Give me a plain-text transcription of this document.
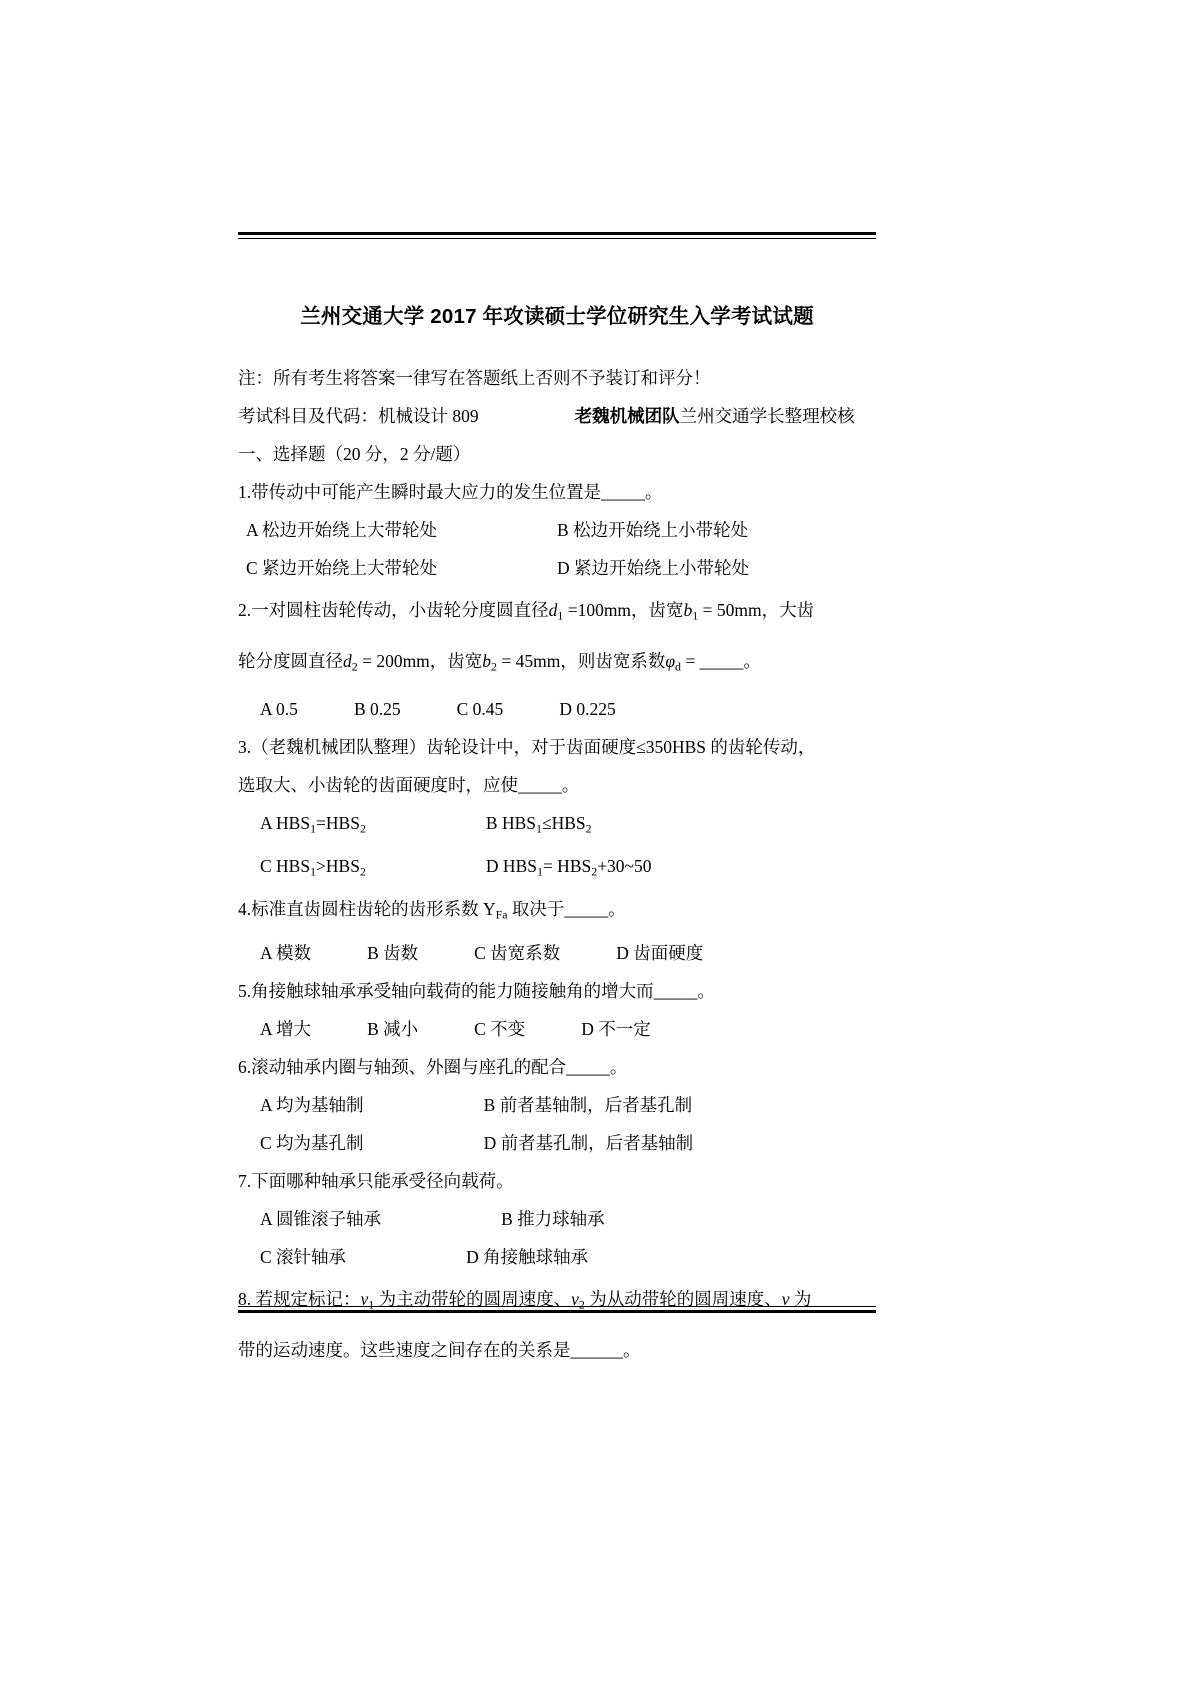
兰州交通大学 2017 年攻读硕士学位研究生入学考试试题
注：所有考生将答案一律写在答题纸上否则不予装订和评分！
考试科目及代码：机械设计 809	老魏机械团队兰州交通学长整理校核
一、选择题（20 分，2 分/题）
1.带传动中可能产生瞬时最大应力的发生位置是_____。
A 松边开始绕上大带轮处	B 松边开始绕上小带轮处
C 紧边开始绕上大带轮处	D 紧边开始绕上小带轮处
2.一对圆柱齿轮传动，小齿轮分度圆直径$d_1 =100mm$，齿宽$b_1 = 50mm$，大齿
轮分度圆直径$d_2 = 200mm$，齿宽$b_2 = 45mm$，则齿宽系数$\varphi_d$ = _____。
A 0.5	B 0.25	C 0.45	D 0.225
3.（老魏机械团队整理）齿轮设计中，对于齿面硬度≤350HBS 的齿轮传动，
选取大、小齿轮的齿面硬度时，应使_____。
A $HBS_1=HBS_2$	B $HBS_1\le HBS_2$
C $HBS_1>HBS_2$	D $HBS_1=$ $HBS_2+30\sim 50$
4.标准直齿圆柱齿轮的齿形系数 $Y_{Fa}$ 取决于_____。
A 模数	B 齿数	C 齿宽系数	D 齿面硬度
5.角接触球轴承承受轴向载荷的能力随接触角的增大而_____。
A 增大	B 减小	C 不变	D 不一定
6.滚动轴承内圈与轴颈、外圈与座孔的配合_____。
A 均为基轴制	B 前者基轴制，后者基孔制
C 均为基孔制	D 前者基孔制，后者基轴制
7.下面哪种轴承只能承受径向载荷。
A 圆锥滚子轴承	B 推力球轴承
C 滚针轴承	D 角接触球轴承
8. 若规定标记：$v_1$ 为主动带轮的圆周速度、$v_2$ 为从动带轮的圆周速度、v 为
带的运动速度。这些速度之间存在的关系是______。
